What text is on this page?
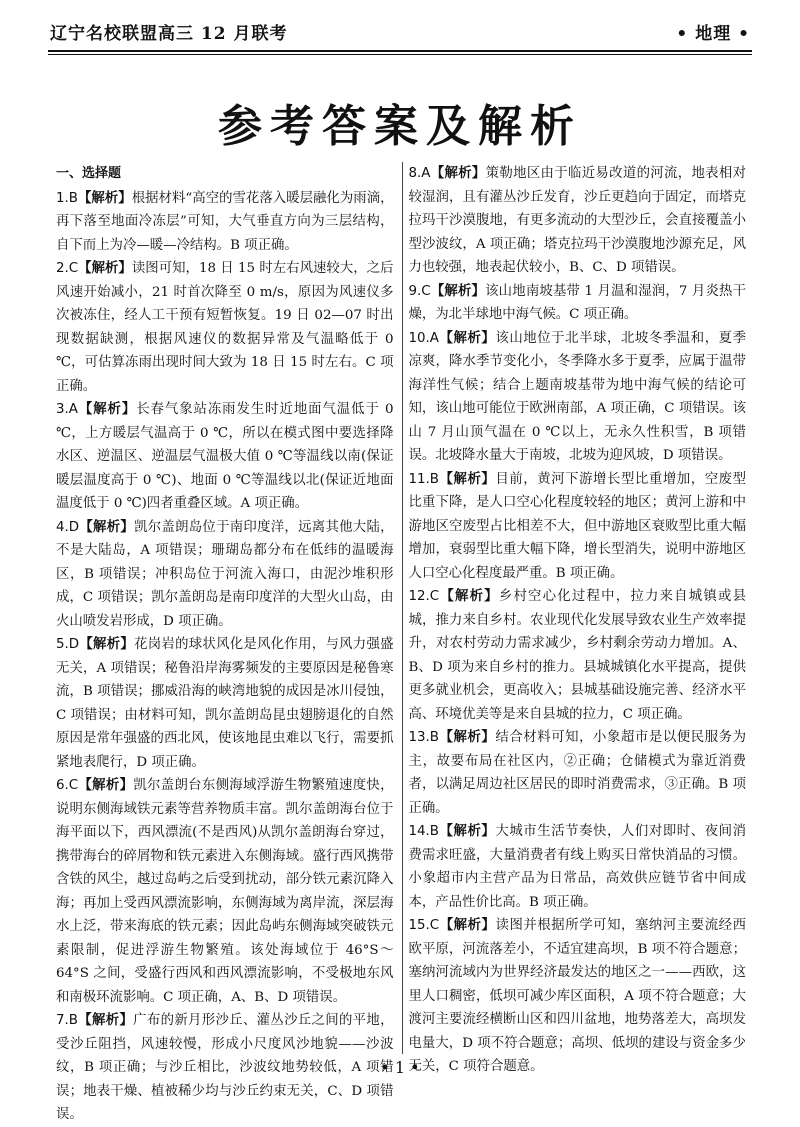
辽宁名校联盟高三 12 月联考	• 地理 •
参考答案及解析
一、选择题
1.B【解析】根据材料“高空的雪花落入暖层融化为雨滴，再下落至地面冷冻层”可知，大气垂直方向为三层结构，自下而上为冷—暖—冷结构。B 项正确。
2.C【解析】读图可知，18 日 15 时左右风速较大，之后风速开始减小，21 时首次降至 0 m/s，原因为风速仪多次被冻住，经人工干预有短暂恢复。19 日 02—07 时出现数据缺测，根据风速仪的数据异常及气温略低于 0 ℃，可估算冻雨出现时间大致为 18 日 15 时左右。C 项正确。
3.A【解析】长春气象站冻雨发生时近地面气温低于 0 ℃，上方暖层气温高于 0 ℃，所以在模式图中要选择降水区、逆温区、逆温层气温极大值 0 ℃等温线以南(保证暖层温度高于 0 ℃)、地面 0 ℃等温线以北(保证近地面温度低于 0 ℃)四者重叠区域。A 项正确。
4.D【解析】凯尔盖朗岛位于南印度洋，远离其他大陆，不是大陆岛，A 项错误；珊瑚岛都分布在低纬的温暖海区，B 项错误；冲积岛位于河流入海口，由泥沙堆积形成，C 项错误；凯尔盖朗岛是南印度洋的大型火山岛，由火山喷发岩形成，D 项正确。
5.D【解析】花岗岩的球状风化是风化作用，与风力强盛无关，A 项错误；秘鲁沿岸海雾频发的主要原因是秘鲁寒流，B 项错误；挪威沿海的峡湾地貌的成因是冰川侵蚀，C 项错误；由材料可知，凯尔盖朗岛昆虫翅膀退化的自然原因是常年强盛的西北风，使该地昆虫难以飞行，需要抓紧地表爬行，D 项正确。
6.C【解析】凯尔盖朗台东侧海域浮游生物繁殖速度快，说明东侧海域铁元素等营养物质丰富。凯尔盖朗海台位于海平面以下，西风漂流(不是西风)从凯尔盖朗海台穿过，携带海台的碎屑物和铁元素进入东侧海域。盛行西风携带含铁的风尘，越过岛屿之后受到扰动，部分铁元素沉降入海；再加上受西风漂流影响，东侧海域为离岸流，深层海水上泛，带来海底的铁元素；因此岛屿东侧海域突破铁元素限制，促进浮游生物繁殖。该处海域位于 46°S～64°S 之间，受盛行西风和西风漂流影响，不受极地东风和南极环流影响。C 项正确，A、B、D 项错误。
7.B【解析】广布的新月形沙丘、灌丛沙丘之间的平地，受沙丘阻挡，风速较慢，形成小尺度风沙地貌——沙波纹，B 项正确；与沙丘相比，沙波纹地势较低，A 项错误；地表干燥、植被稀少均与沙丘约束无关，C、D 项错误。
8.A【解析】策勒地区由于临近易改道的河流，地表相对较湿润，且有灌丛沙丘发育，沙丘更趋向于固定，而塔克拉玛干沙漠腹地，有更多流动的大型沙丘，会直接覆盖小型沙波纹，A 项正确；塔克拉玛干沙漠腹地沙源充足，风力也较强，地表起伏较小，B、C、D 项错误。
9.C【解析】该山地南坡基带 1 月温和湿润，7 月炎热干燥，为北半球地中海气候。C 项正确。
10.A【解析】该山地位于北半球，北坡冬季温和，夏季凉爽，降水季节变化小，冬季降水多于夏季，应属于温带海洋性气候；结合上题南坡基带为地中海气候的结论可知，该山地可能位于欧洲南部，A 项正确，C 项错误。该山 7 月山顶气温在 0 ℃以上，无永久性积雪，B 项错误。北坡降水量大于南坡，北坡为迎风坡，D 项错误。
11.B【解析】目前，黄河下游增长型比重增加，空废型比重下降，是人口空心化程度较轻的地区；黄河上游和中游地区空废型占比相差不大，但中游地区衰败型比重大幅增加，衰弱型比重大幅下降，增长型消失，说明中游地区人口空心化程度最严重。B 项正确。
12.C【解析】乡村空心化过程中，拉力来自城镇或县城，推力来自乡村。农业现代化发展导致农业生产效率提升，对农村劳动力需求减少，乡村剩余劳动力增加。A、B、D 项为来自乡村的推力。县城城镇化水平提高，提供更多就业机会，更高收入；县城基础设施完善、经济水平高、环境优美等是来自县城的拉力，C 项正确。
13.B【解析】结合材料可知，小象超市是以便民服务为主，故要布局在社区内，②正确；仓储模式为靠近消费者，以满足周边社区居民的即时消费需求，③正确。B 项正确。
14.B【解析】大城市生活节奏快，人们对即时、夜间消费需求旺盛，大量消费者有线上购买日常快消品的习惯。小象超市内主营产品为日常品，高效供应链节省中间成本，产品性价比高。B 项正确。
15.C【解析】读图并根据所学可知，塞纳河主要流经西欧平原，河流落差小，不适宜建高坝，B 项不符合题意；塞纳河流域内为世界经济最发达的地区之一——西欧，这里人口稠密，低坝可减少库区面积，A 项不符合题意；大渡河主要流经横断山区和四川盆地，地势落差大，高坝发电量大，D 项不符合题意；高坝、低坝的建设与资金多少无关，C 项符合题意。
• 1 •
